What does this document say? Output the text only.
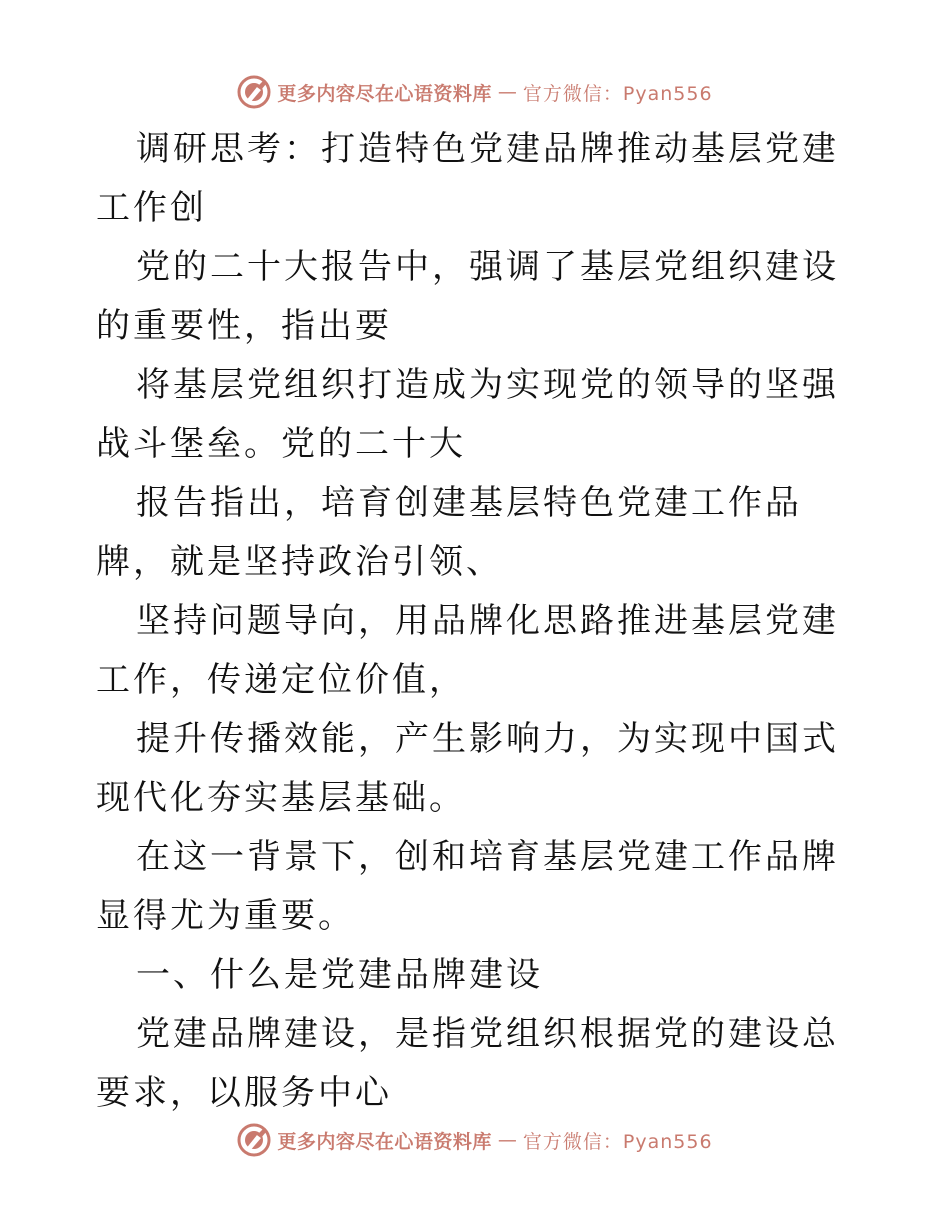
更多内容尽在心语资料库 — 官方微信：Pyan556

调研思考：打造特色党建品牌推动基层党建工作创

党的二十大报告中，强调了基层党组织建设的重要性，指出要

将基层党组织打造成为实现党的领导的坚强战斗堡垒。党的二十大

报告指出，培育创建基层特色党建工作品牌，就是坚持政治引领、

坚持问题导向，用品牌化思路推进基层党建工作，传递定位价值，

提升传播效能，产生影响力，为实现中国式现代化夯实基层基础。

在这一背景下，创和培育基层党建工作品牌显得尤为重要。

一、什么是党建品牌建设

党建品牌建设，是指党组织根据党的建设总要求，以服务中心

更多内容尽在心语资料库 — 官方微信：Pyan556
